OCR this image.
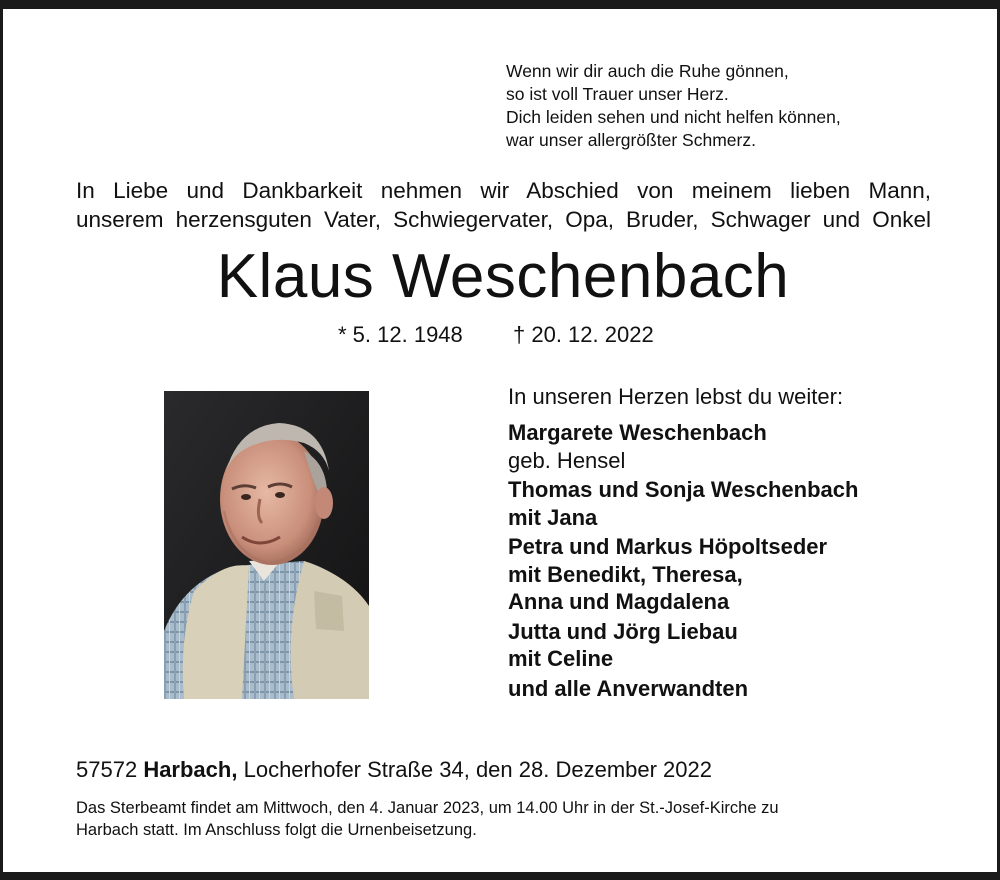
Wenn wir dir auch die Ruhe gönnen,
so ist voll Trauer unser Herz.
Dich leiden sehen und nicht helfen können,
war unser allergrößter Schmerz.
In Liebe und Dankbarkeit nehmen wir Abschied von meinem lieben Mann,
unserem herzensguten Vater, Schwiegervater, Opa, Bruder, Schwager und Onkel
Klaus Weschenbach
* 5. 12. 1948 † 20. 12. 2022
In unseren Herzen lebst du weiter:
Margarete Weschenbach
geb. Hensel
Thomas und Sonja Weschenbach
mit Jana
Petra und Markus Höpoltseder
mit Benedikt, Theresa,
Anna und Magdalena
Jutta und Jörg Liebau
mit Celine
und alle Anverwandten
57572 Harbach, Locherhofer Straße 34, den 28. Dezember 2022
Das Sterbeamt findet am Mittwoch, den 4. Januar 2023, um 14.00 Uhr in der St.-Josef-Kirche zu
Harbach statt. Im Anschluss folgt die Urnenbeisetzung.
